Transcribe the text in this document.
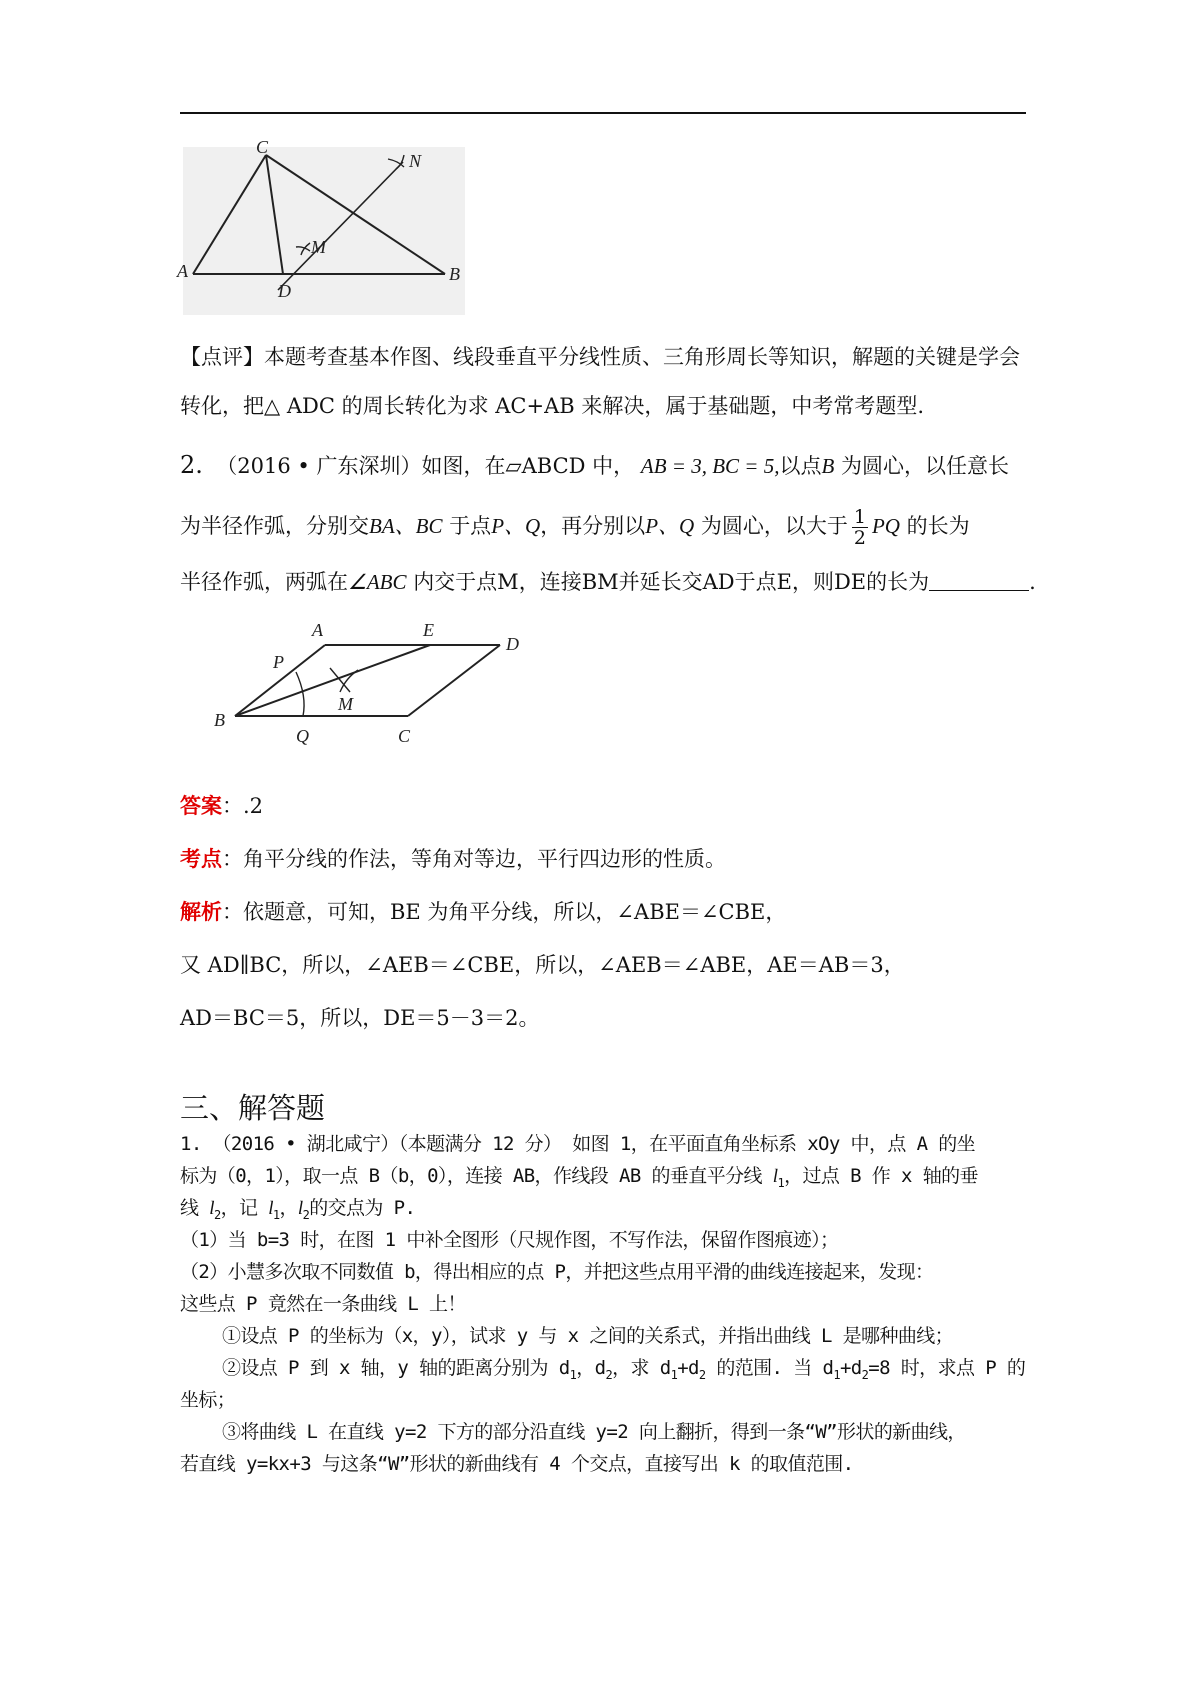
C
N
M
A
D
B
【点评】本题考查基本作图、线段垂直平分线性质、三角形周长等知识，解题的关键是学会
转化，把△ ADC 的周长转化为求 AC+AB 来解决，属于基础题，中考常考题型.
2. （2016 • 广东深圳）如图，在▱ABCD 中， AB = 3, BC = 5,以点B 为圆心，以任意长
为半径作弧，分别交BA、BC 于点P、Q，再分别以P、Q 为圆心，以大于 $\frac{1}{2}$ PQ 的长为
半径作弧，两弧在∠ABC 内交于点M，连接BM并延长交AD于点E，则DE的长为	.
A	E
D
P
M
B
Q	C
答案：.2
考点：角平分线的作法，等角对等边，平行四边形的性质。
解析：依题意，可知，BE 为角平分线，所以，∠ABE＝∠CBE，
又 AD∥BC，所以，∠AEB＝∠CBE，所以，∠AEB＝∠ABE，AE＝AB＝3，
AD＝BC＝5，所以，DE＝5－3＝2。
三、解答题
1. （2016 • 湖北咸宁）（本题满分 12 分） 如图 1，在平面直角坐标系 xOy 中，点 A 的坐
标为（0，1），取一点 B（b，0），连接 AB，作线段 AB 的垂直平分线 $l_1$，过点 B 作 x 轴的垂
线 $l_2$，记 $l_1$，$l_2$的交点为 P.
（1）当 b=3 时，在图 1 中补全图形（尺规作图，不写作法，保留作图痕迹）；
（2）小慧多次取不同数值 b，得出相应的点 P，并把这些点用平滑的曲线连接起来，发现：
这些点 P 竟然在一条曲线 L 上！
①设点 P 的坐标为（x，y），试求 y 与 x 之间的关系式，并指出曲线 L 是哪种曲线；
②设点 P 到 x 轴，y 轴的距离分别为 $d_1$，$d_2$，求 $d_1+d_2$ 的范围. 当 $d_1+d_2=8$ 时，求点 P 的
坐标；
③将曲线 L 在直线 y=2 下方的部分沿直线 y=2 向上翻折，得到一条“W”形状的新曲线，
若直线 y=kx+3 与这条“W”形状的新曲线有 4 个交点，直接写出 k 的取值范围.
